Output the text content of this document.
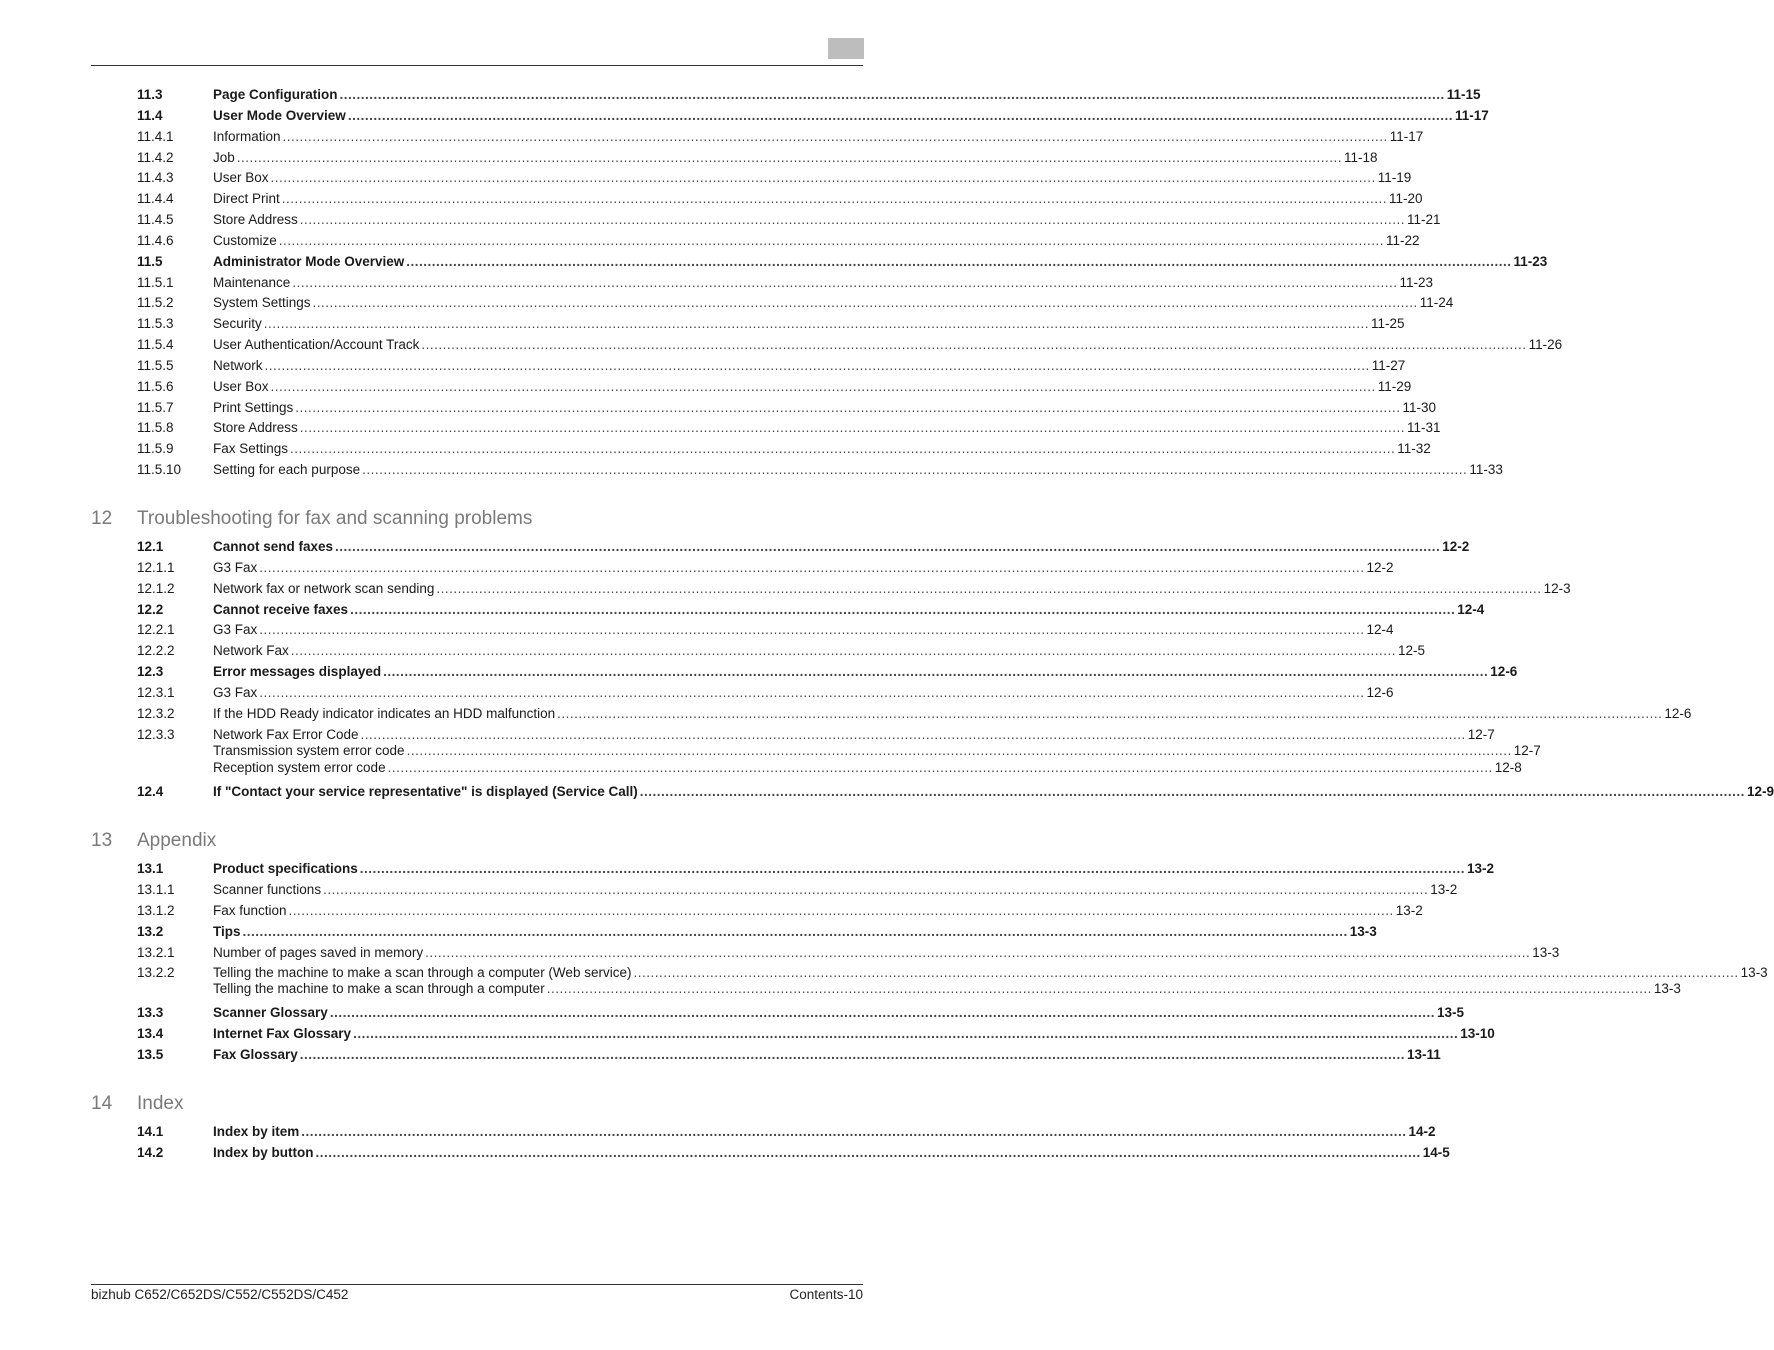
11.3	Page Configuration .................................................................................................................................................................................................................................................................... 11-15
11.4	User Mode Overview .................................................................................................................................................................................................................................................................... 11-17
11.4.1	Information .................................................................................................................................................................................................................................................................... 11-17
11.4.2	Job .................................................................................................................................................................................................................................................................... 11-18
11.4.3	User Box .................................................................................................................................................................................................................................................................... 11-19
11.4.4	Direct Print .................................................................................................................................................................................................................................................................... 11-20
11.4.5	Store Address .................................................................................................................................................................................................................................................................... 11-21
11.4.6	Customize .................................................................................................................................................................................................................................................................... 11-22
11.5	Administrator Mode Overview .................................................................................................................................................................................................................................................................... 11-23
11.5.1	Maintenance .................................................................................................................................................................................................................................................................... 11-23
11.5.2	System Settings .................................................................................................................................................................................................................................................................... 11-24
11.5.3	Security .................................................................................................................................................................................................................................................................... 11-25
11.5.4	User Authentication/Account Track .................................................................................................................................................................................................................................................................... 11-26
11.5.5	Network .................................................................................................................................................................................................................................................................... 11-27
11.5.6	User Box .................................................................................................................................................................................................................................................................... 11-29
11.5.7	Print Settings .................................................................................................................................................................................................................................................................... 11-30
11.5.8	Store Address .................................................................................................................................................................................................................................................................... 11-31
11.5.9	Fax Settings .................................................................................................................................................................................................................................................................... 11-32
11.5.10 Setting for each purpose .................................................................................................................................................................................................................................................................... 11-33
12 Troubleshooting for fax and scanning problems
12.1	Cannot send faxes .................................................................................................................................................................................................................................................................... 12-2
12.1.1	G3 Fax .................................................................................................................................................................................................................................................................... 12-2
12.1.2	Network fax or network scan sending .................................................................................................................................................................................................................................................................... 12-3
12.2	Cannot receive faxes .................................................................................................................................................................................................................................................................... 12-4
12.2.1	G3 Fax .................................................................................................................................................................................................................................................................... 12-4
12.2.2	Network Fax .................................................................................................................................................................................................................................................................... 12-5
12.3	Error messages displayed .................................................................................................................................................................................................................................................................... 12-6
12.3.1	G3 Fax .................................................................................................................................................................................................................................................................... 12-6
12.3.2	If the HDD Ready indicator indicates an HDD malfunction .................................................................................................................................................................................................................................................................... 12-6
12.3.3	Network Fax Error Code .................................................................................................................................................................................................................................................................... 12-7
Transmission system error code .................................................................................................................................................................................................................................................................... 12-7
Reception system error code .................................................................................................................................................................................................................................................................... 12-8
12.4	If "Contact your service representative" is displayed (Service Call) .................................................................................................................................................................................................................................................................... 12-9
13 Appendix
13.1	Product specifications .................................................................................................................................................................................................................................................................... 13-2
13.1.1	Scanner functions .................................................................................................................................................................................................................................................................... 13-2
13.1.2	Fax function .................................................................................................................................................................................................................................................................... 13-2
13.2	Tips .................................................................................................................................................................................................................................................................... 13-3
13.2.1	Number of pages saved in memory .................................................................................................................................................................................................................................................................... 13-3
13.2.2	Telling the machine to make a scan through a computer (Web service) .................................................................................................................................................................................................................................................................... 13-3
Telling the machine to make a scan through a computer .................................................................................................................................................................................................................................................................... 13-3
13.3	Scanner Glossary .................................................................................................................................................................................................................................................................... 13-5
13.4	Internet Fax Glossary .................................................................................................................................................................................................................................................................... 13-10
13.5	Fax Glossary .................................................................................................................................................................................................................................................................... 13-11
14 Index
14.1	Index by item .................................................................................................................................................................................................................................................................... 14-2
14.2	Index by button .................................................................................................................................................................................................................................................................... 14-5
bizhub C652/C652DS/C552/C552DS/C452	Contents-10
